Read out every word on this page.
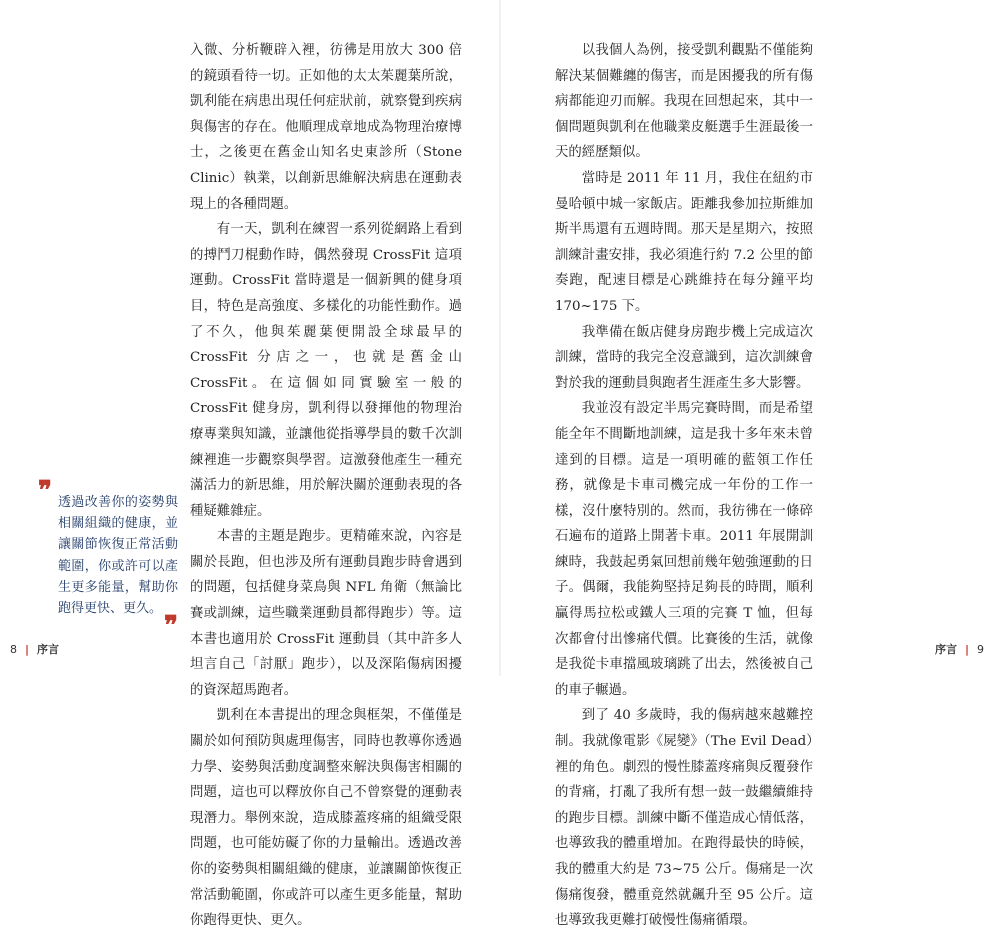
入微、分析鞭辟入裡，彷彿是用放大 300 倍的鏡頭看待一切。正如他的太太茱麗葉所說，凱利能在病患出現任何症狀前，就察覺到疾病與傷害的存在。他順理成章地成為物理治療博士，之後更在舊金山知名史東診所（Stone Clinic）執業，以創新思維解決病患在運動表現上的各種問題。

有一天，凱利在練習一系列從網路上看到的搏鬥刀棍動作時，偶然發現 CrossFit 這項運動。CrossFit 當時還是一個新興的健身項目，特色是高強度、多樣化的功能性動作。過了不久，他與茱麗葉便開設全球最早的 CrossFit 分店之一，也就是舊金山 CrossFit。在這個如同實驗室一般的 CrossFit 健身房，凱利得以發揮他的物理治療專業與知識，並讓他從指導學員的數千次訓練裡進一步觀察與學習。這激發他產生一種充滿活力的新思維，用於解決關於運動表現的各種疑難雜症。

本書的主題是跑步。更精確來說，內容是關於長跑，但也涉及所有運動員跑步時會遇到的問題，包括健身菜鳥與 NFL 角衛（無論比賽或訓練，這些職業運動員都得跑步）等。這本書也適用於 CrossFit 運動員（其中許多人坦言自己「討厭」跑步），以及深陷傷病困擾的資深超馬跑者。

凱利在本書提出的理念與框架，不僅僅是關於如何預防與處理傷害，同時也教導你透過力學、姿勢與活動度調整來解決與傷害相關的問題，這也可以釋放你自己不曾察覺的運動表現潛力。舉例來說，造成膝蓋疼痛的組織受限問題，也可能妨礙了你的力量輸出。透過改善你的姿勢與相關組織的健康，並讓關節恢復正常活動範圍，你或許可以產生更多能量，幫助你跑得更快、更久。

❞ 透過改善你的姿勢與相關組織的健康，並讓關節恢復正常活動範圍，你或許可以產生更多能量，幫助你跑得更快、更久。
❞
8 | 序言

以我個人為例，接受凱利觀點不僅能夠解決某個難纏的傷害，而是困擾我的所有傷病都能迎刃而解。我現在回想起來，其中一個問題與凱利在他職業皮艇選手生涯最後一天的經歷類似。

當時是 2011 年 11 月，我住在紐約市曼哈頓中城一家飯店。距離我參加拉斯維加斯半馬還有五週時間。那天是星期六，按照訓練計畫安排，我必須進行約 7.2 公里的節奏跑，配速目標是心跳維持在每分鐘平均 170~175 下。

我準備在飯店健身房跑步機上完成這次訓練，當時的我完全沒意識到，這次訓練會對於我的運動員與跑者生涯產生多大影響。

我並沒有設定半馬完賽時間，而是希望能全年不間斷地訓練，這是我十多年來未曾達到的目標。這是一項明確的藍領工作任務，就像是卡車司機完成一年份的工作一樣，沒什麼特別的。然而，我彷彿在一條碎石遍布的道路上開著卡車。2011 年展開訓練時，我鼓起勇氣回想前幾年勉強運動的日子。偶爾，我能夠堅持足夠長的時間，順利贏得馬拉松或鐵人三項的完賽 T 恤，但每次都會付出慘痛代價。比賽後的生活，就像是我從卡車擋風玻璃跳了出去，然後被自己的車子輾過。

到了 40 多歲時，我的傷病越來越難控制。我就像電影《屍變》（The Evil Dead）裡的角色。劇烈的慢性膝蓋疼痛與反覆發作的背痛，打亂了我所有想一鼓一鼓繼續維持的跑步目標。訓練中斷不僅造成心情低落，也導致我的體重增加。在跑得最快的時候，我的體重大約是 73~75 公斤。傷痛是一次傷痛復發，體重竟然就飆升至 95 公斤。這也導致我更難打破慢性傷痛循環。

序言 | 9
